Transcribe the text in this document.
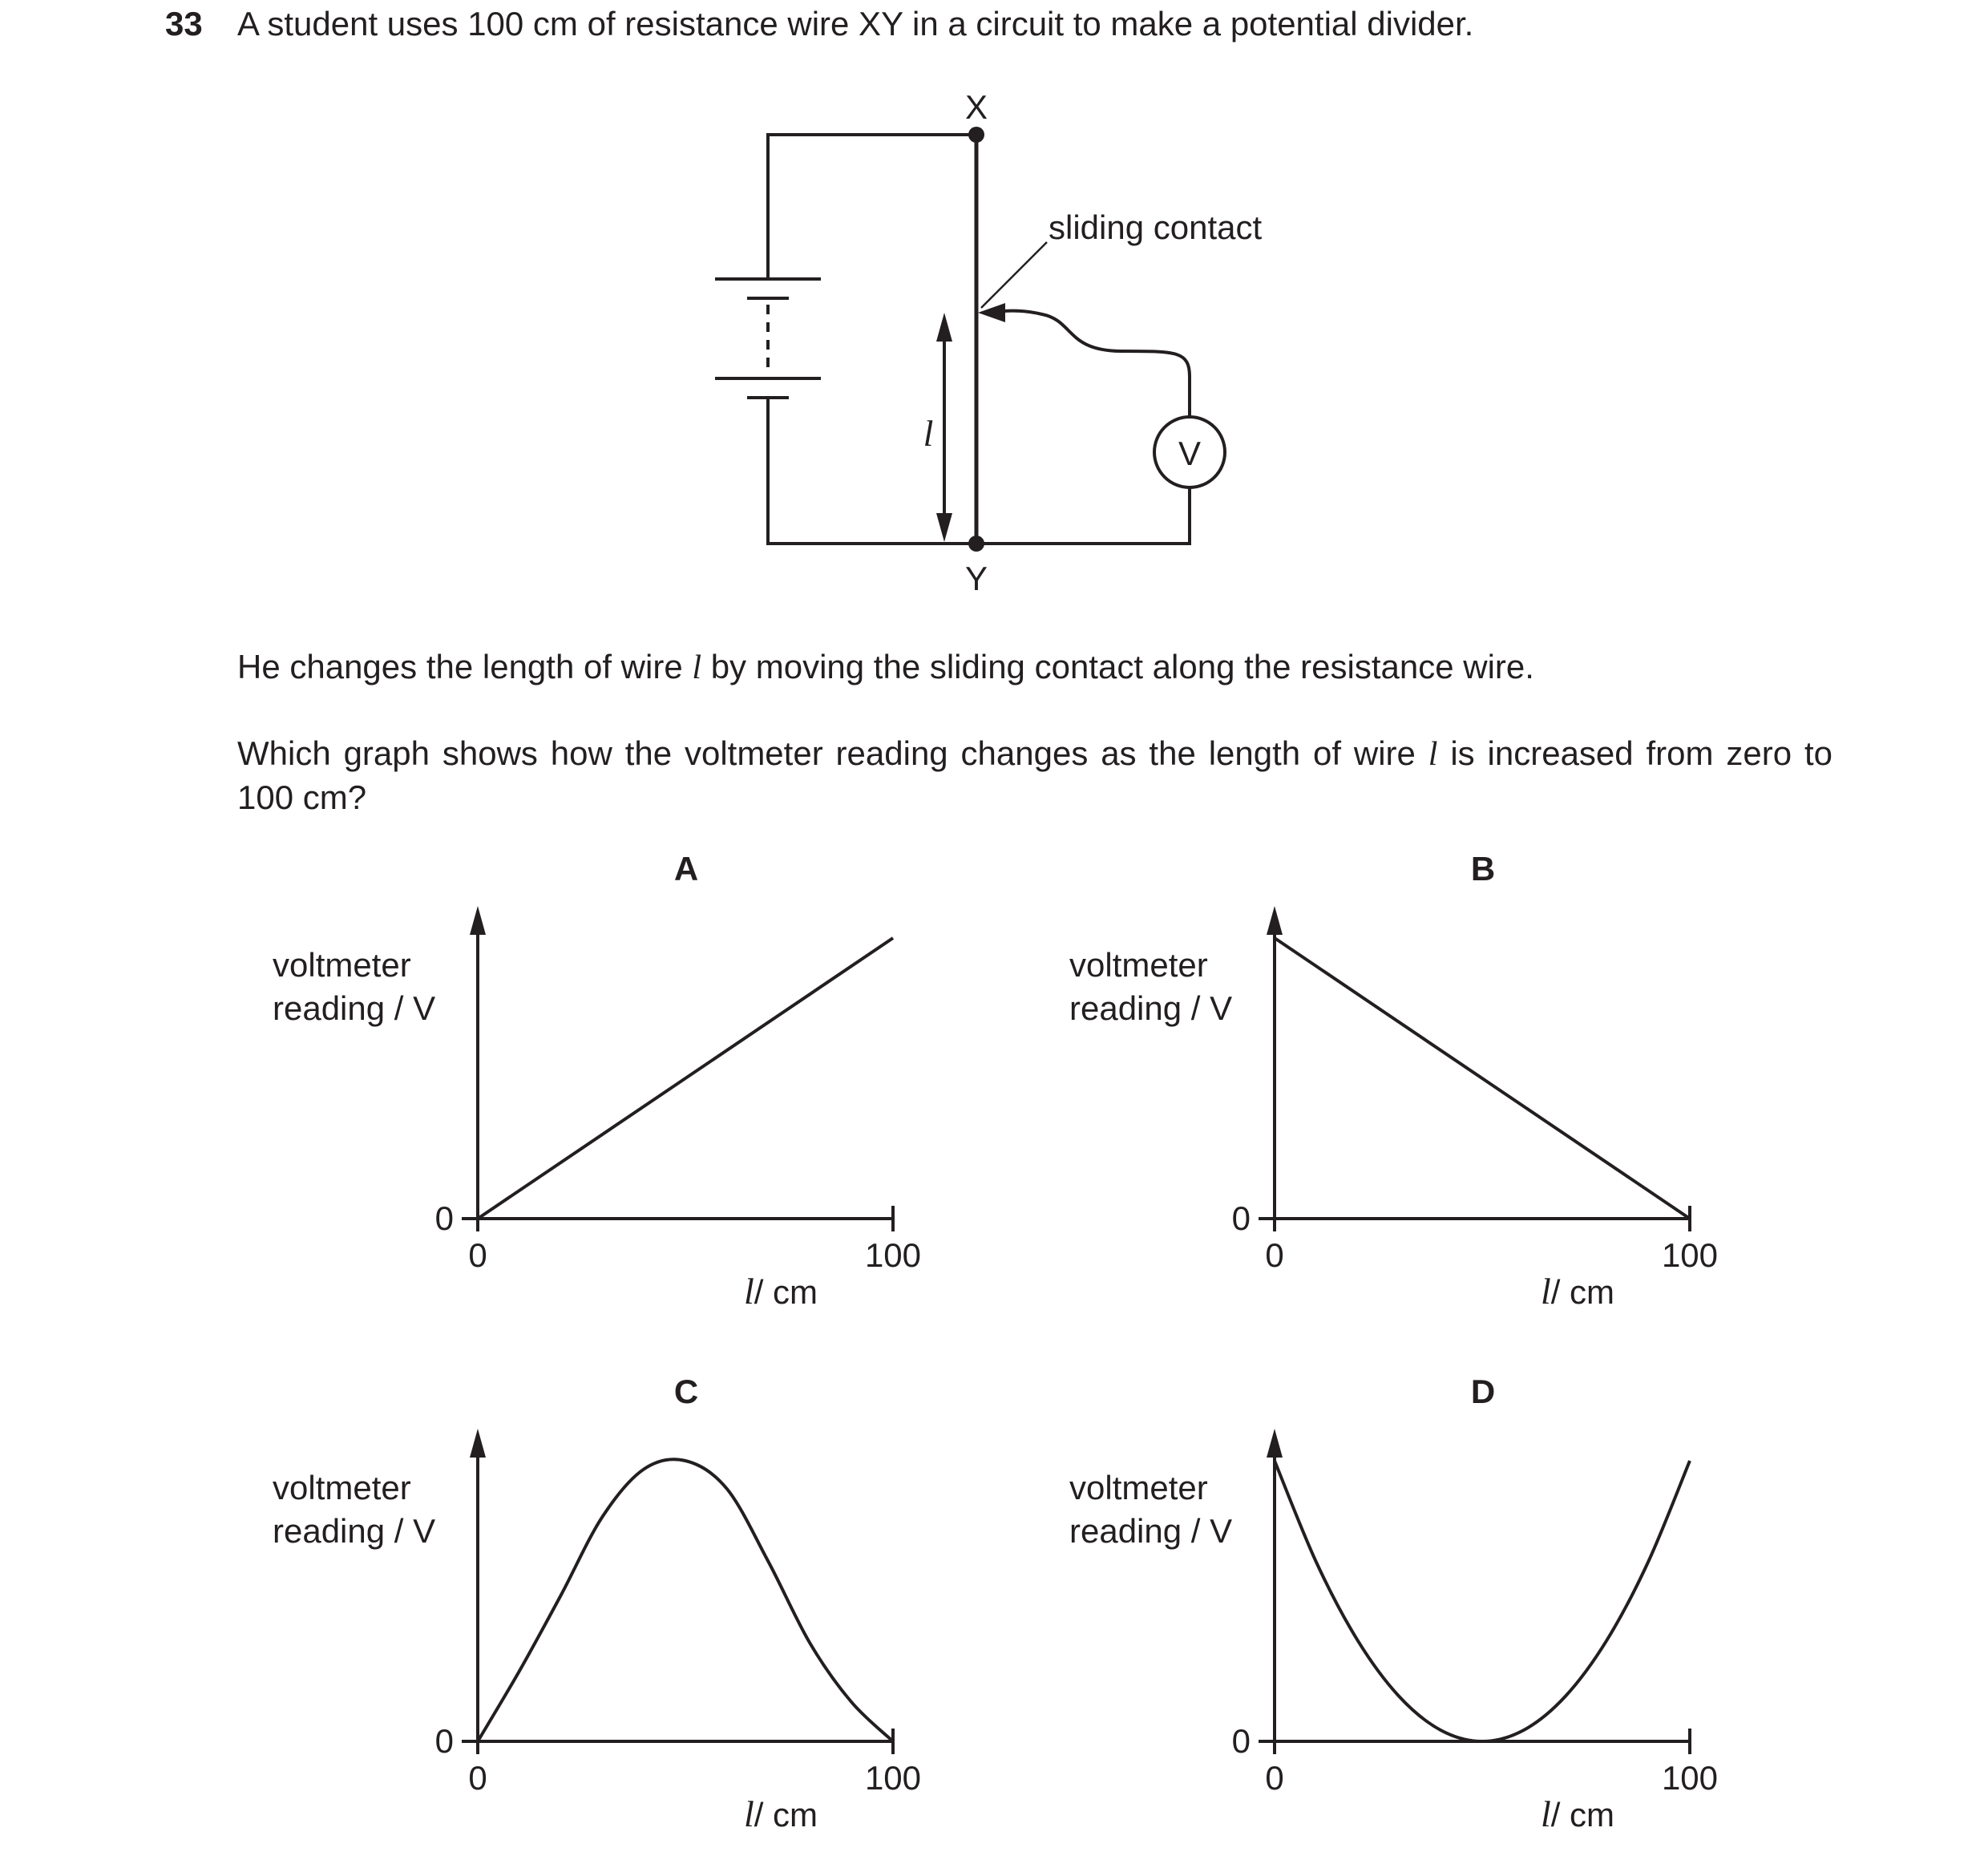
33 A student uses 100 cm of resistance wire XY in a circuit to make a potential divider.
He changes the length of wire l by moving the sliding contact along the resistance wire.
Which graph shows how the voltmeter reading changes as the length of wire l is increased from zero to 100 cm?
X
Y
sliding contact
l	V
A
voltmeter
reading / V
0
0	100
l/ cm
B
voltmeter
reading / V
0
0	100
l/ cm
C
voltmeter
reading / V
0
0	100
l/ cm
D
voltmeter
reading / V
0
0	100
l/ cm
